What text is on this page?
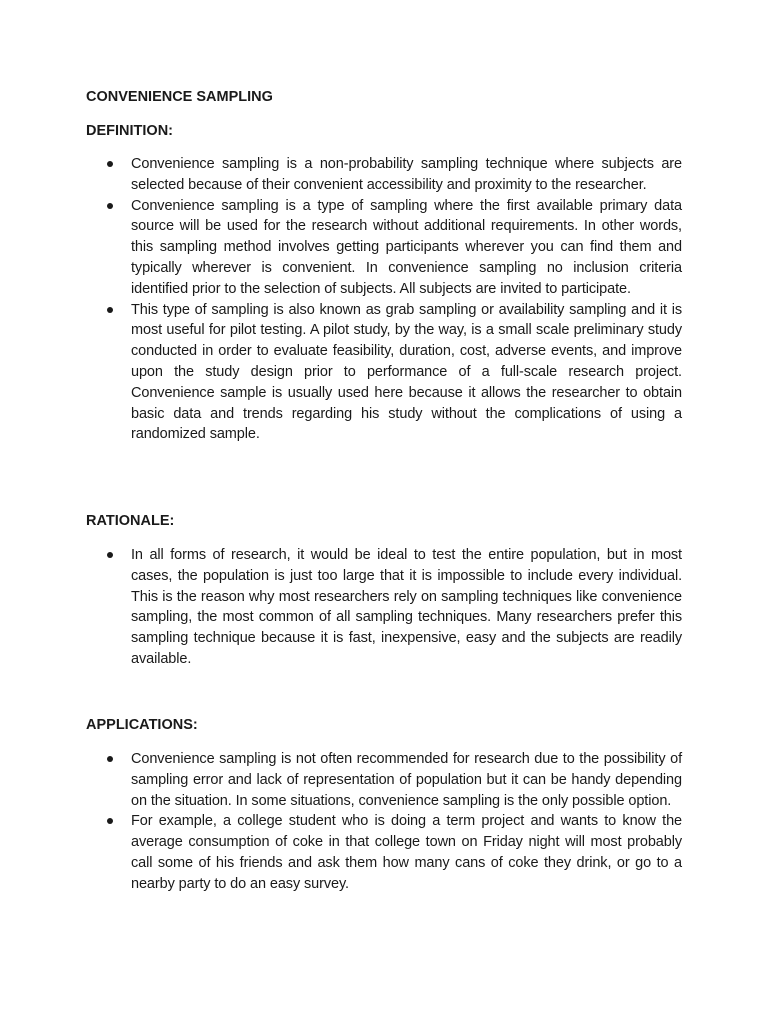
CONVENIENCE SAMPLING
DEFINITION:
Convenience sampling is a non-probability sampling technique where subjects are selected because of their convenient accessibility and proximity to the researcher.
Convenience sampling is a type of sampling where the first available primary data source will be used for the research without additional requirements. In other words, this sampling method involves getting participants wherever you can find them and typically wherever is convenient. In convenience sampling no inclusion criteria identified prior to the selection of subjects. All subjects are invited to participate.
This type of sampling is also known as grab sampling or availability sampling and it is most useful for pilot testing. A pilot study, by the way, is a small scale preliminary study conducted in order to evaluate feasibility, duration, cost, adverse events, and improve upon the study design prior to performance of a full-scale research project. Convenience sample is usually used here because it allows the researcher to obtain basic data and trends regarding his study without the complications of using a randomized sample.
RATIONALE:
In all forms of research, it would be ideal to test the entire population, but in most cases, the population is just too large that it is impossible to include every individual. This is the reason why most researchers rely on sampling techniques like convenience sampling, the most common of all sampling techniques. Many researchers prefer this sampling technique because it is fast, inexpensive, easy and the subjects are readily available.
APPLICATIONS:
Convenience sampling is not often recommended for research due to the possibility of sampling error and lack of representation of population but it can be handy depending on the situation. In some situations, convenience sampling is the only possible option.
For example, a college student who is doing a term project and wants to know the average consumption of coke in that college town on Friday night will most probably call some of his friends and ask them how many cans of coke they drink, or go to a nearby party to do an easy survey.
